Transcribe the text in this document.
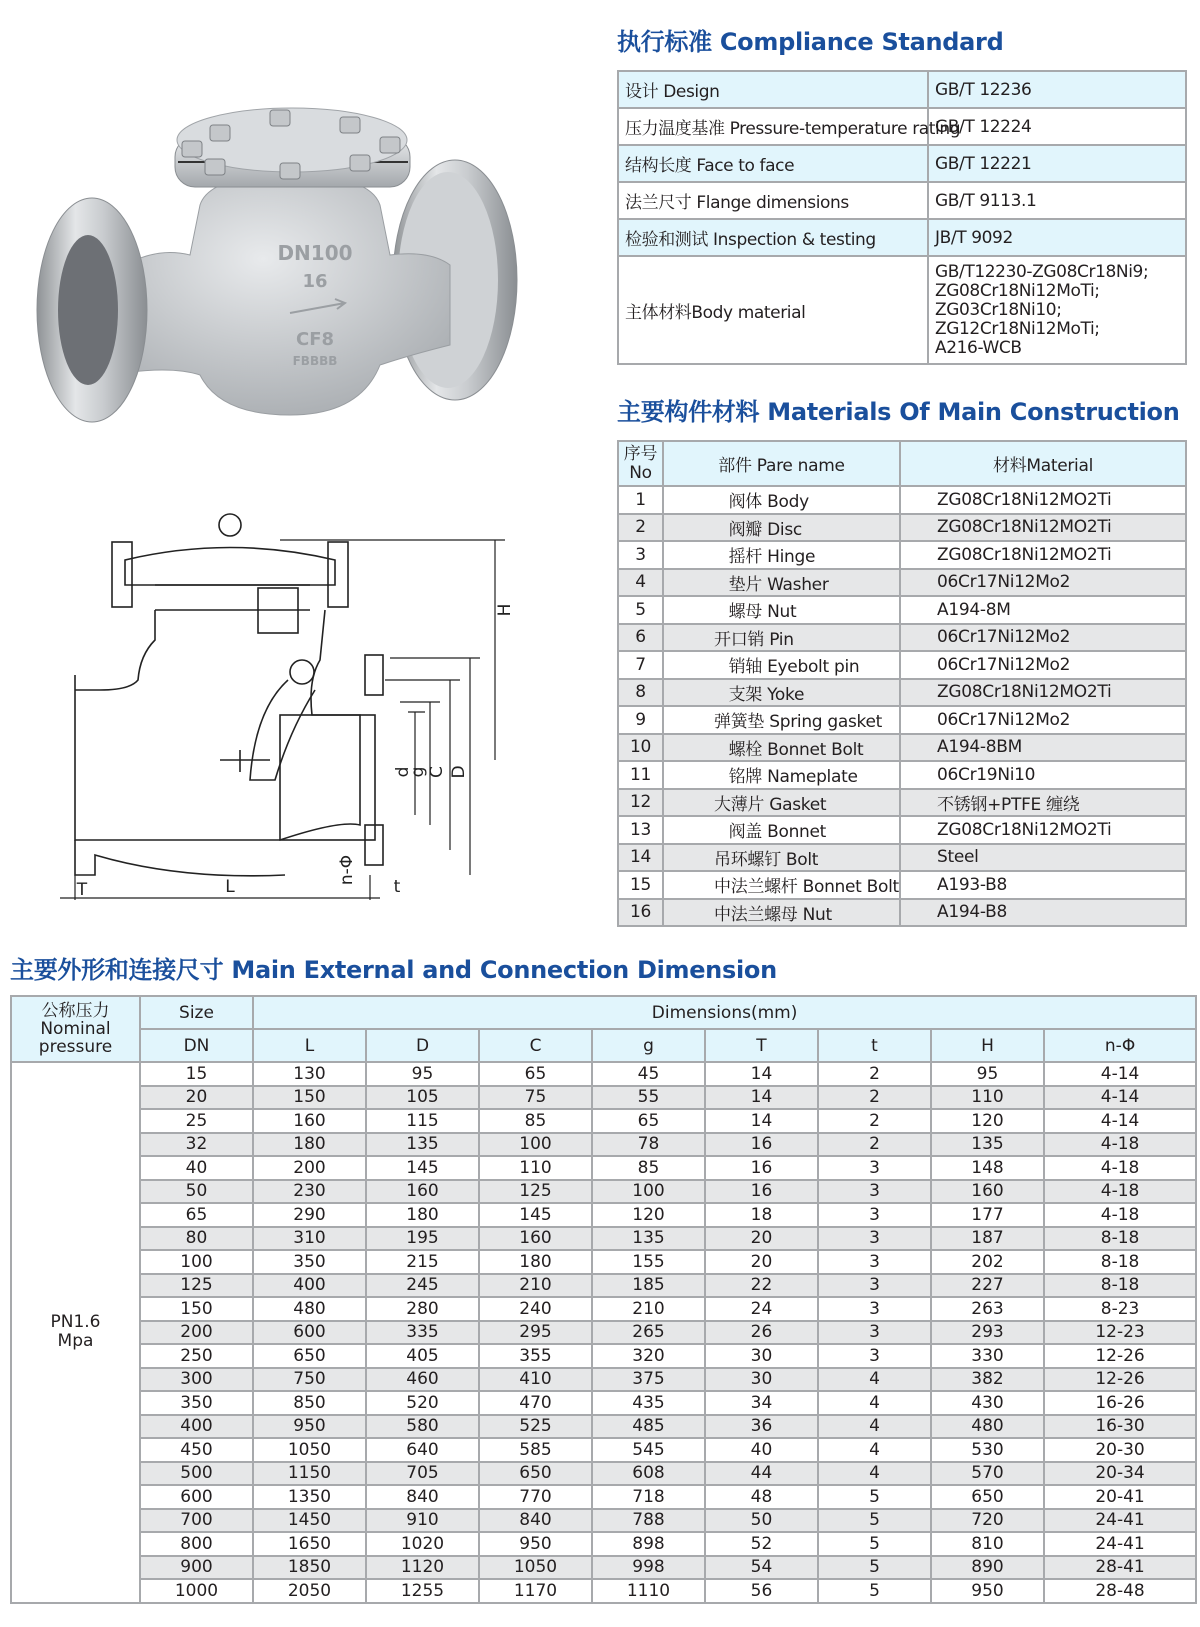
DN100
16
CF8
FBBBB
H
d
g C D
n-Φ
T	t
L
执行标准 Compliance Standard
设计 Design	GB/T 12236
压力温度基准 Pressure-temperature rating	GB/T 12224
结构长度 Face to face	GB/T 12221
法兰尺寸 Flange dimensions	GB/T 9113.1
检验和测试 Inspection & testing	JB/T 9092
主体材料Body material	GB/T12230-ZG08Cr18Ni9;
ZG08Cr18Ni12MoTi;
ZG03Cr18Ni10;
ZG12Cr18Ni12MoTi;
A216-WCB
主要构件材料 Materials Of Main Construction
序号
No	部件 Pare name	材料Material
1	阀体 Body	ZG08Cr18Ni12MO2Ti
2	阀瓣 Disc	ZG08Cr18Ni12MO2Ti
3	摇杆 Hinge	ZG08Cr18Ni12MO2Ti
4	垫片 Washer	06Cr17Ni12Mo2
5	螺母 Nut	A194-8M
6	开口销 Pin	06Cr17Ni12Mo2
7	销轴 Eyebolt pin	06Cr17Ni12Mo2
8	支架 Yoke	ZG08Cr18Ni12MO2Ti
9	弹簧垫 Spring gasket	06Cr17Ni12Mo2
10	螺栓 Bonnet Bolt	A194-8BM
11	铭牌 Nameplate	06Cr19Ni10
12	大薄片 Gasket	不锈钢+PTFE 缠绕
13	阀盖 Bonnet	ZG08Cr18Ni12MO2Ti
14	吊环螺钉 Bolt	Steel
15	中法兰螺杆 Bonnet Bolt	A193-B8
16	中法兰螺母 Nut	A194-B8
主要外形和连接尺寸 Main External and Connection Dimension
公称压力
Nominal
pressure	Size	Dimensions(mm)							
	DN	L	D	C	g	T	t	H	n-Φ
PN1.6
Mpa	15	130	95	65	45	14	2	95	4-14
	20	150	105	75	55	14	2	110	4-14
	25	160	115	85	65	14	2	120	4-14
	32	180	135	100	78	16	2	135	4-18
	40	200	145	110	85	16	3	148	4-18
	50	230	160	125	100	16	3	160	4-18
	65	290	180	145	120	18	3	177	4-18
	80	310	195	160	135	20	3	187	8-18
	100	350	215	180	155	20	3	202	8-18
	125	400	245	210	185	22	3	227	8-18
	150	480	280	240	210	24	3	263	8-23
	200	600	335	295	265	26	3	293	12-23
	250	650	405	355	320	30	3	330	12-26
	300	750	460	410	375	30	4	382	12-26
	350	850	520	470	435	34	4	430	16-26
	400	950	580	525	485	36	4	480	16-30
	450	1050	640	585	545	40	4	530	20-30
	500	1150	705	650	608	44	4	570	20-34
	600	1350	840	770	718	48	5	650	20-41
	700	1450	910	840	788	50	5	720	24-41
	800	1650	1020	950	898	52	5	810	24-41
	900	1850	1120	1050	998	54	5	890	28-41
	1000	2050	1255	1170	1110	56	5	950	28-48
